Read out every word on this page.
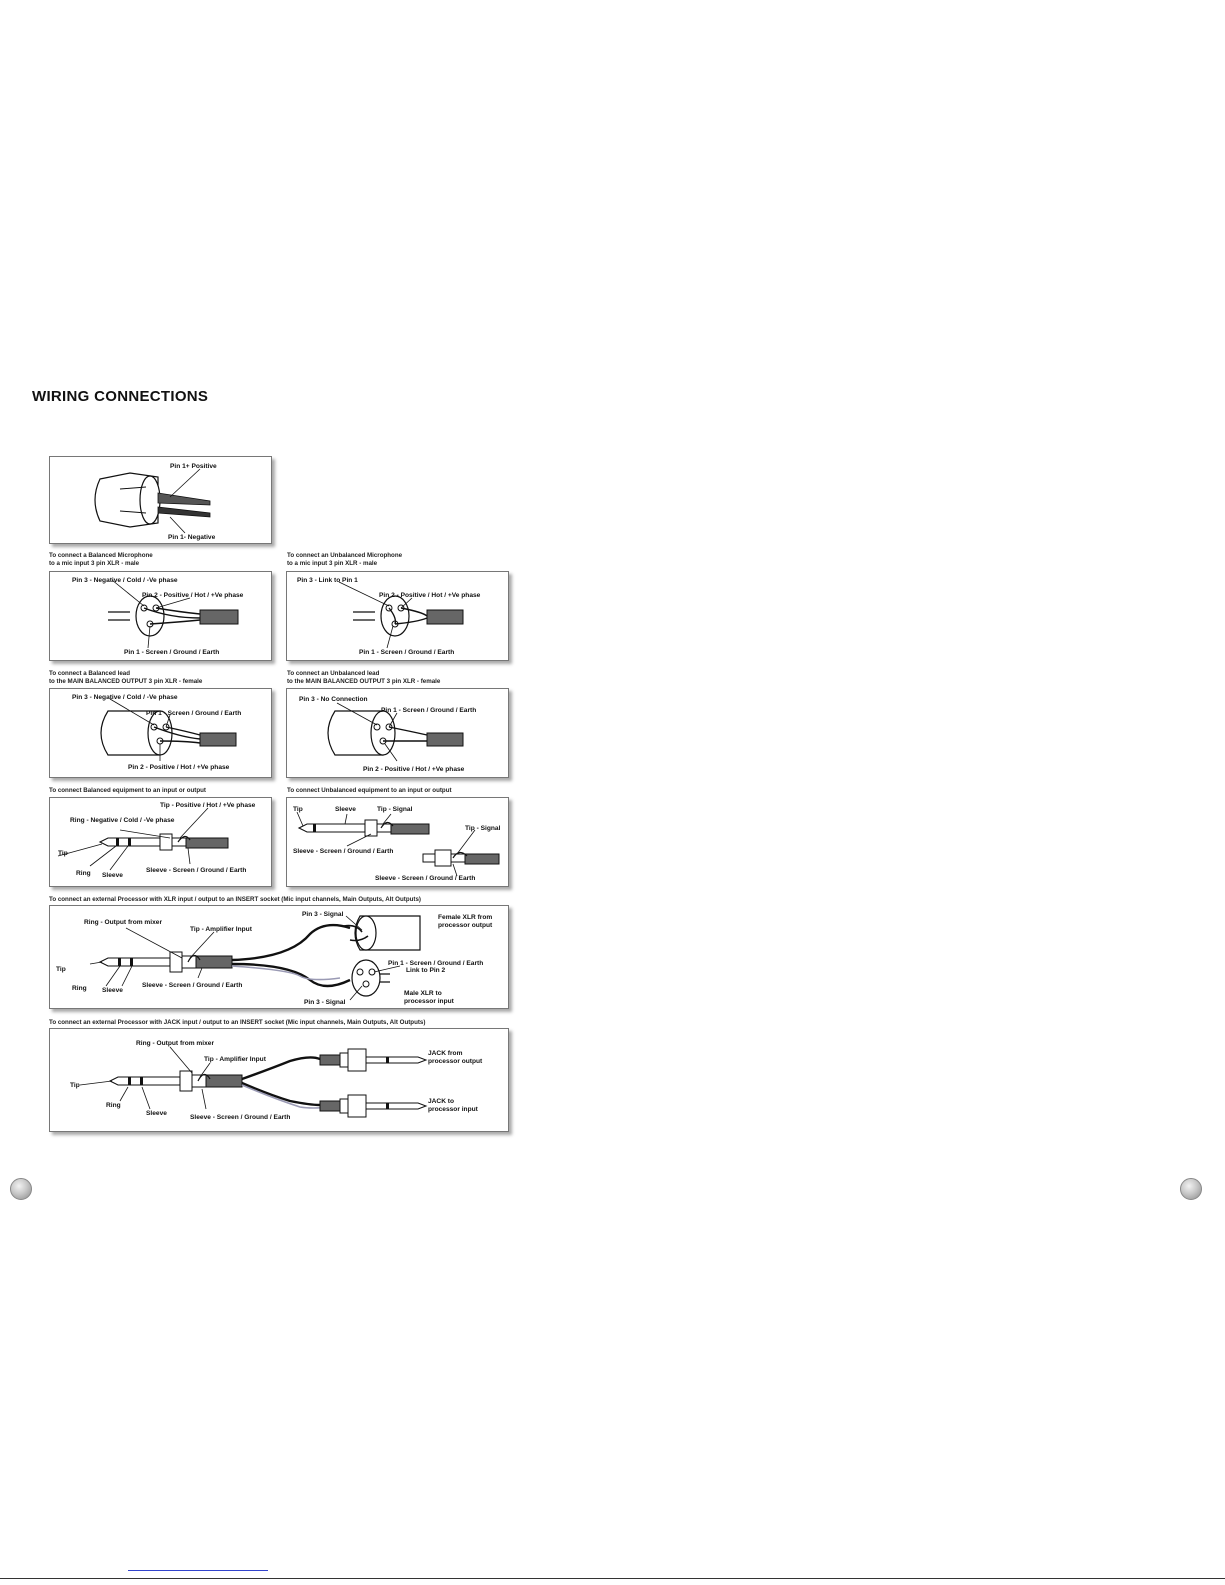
WIRING CONNECTIONS
Pin 1+ Positive
Pin 1- Negative
To connect a Balanced Microphone
to a mic input 3 pin XLR - male
To connect an Unbalanced Microphone
to a mic input 3 pin XLR - male
Pin 3 - Negative / Cold / -Ve phase
Pin 2 - Positive / Hot / +Ve phase
Pin 1 - Screen / Ground / Earth
Pin 3 - Link to Pin 1
Pin 2 - Positive / Hot / +Ve phase
Pin 1 - Screen / Ground / Earth
To connect a Balanced lead
to the MAIN BALANCED OUTPUT 3 pin XLR - female
To connect an Unbalanced lead
to the MAIN BALANCED OUTPUT 3 pin XLR - female
Pin 3 - Negative / Cold / -Ve phase
Pin 1 - Screen / Ground / Earth
Pin 2 - Positive / Hot / +Ve phase
Pin 3 - No Connection
Pin 1 - Screen / Ground / Earth
Pin 2 - Positive / Hot / +Ve phase
To connect Balanced equipment to an input or output	To connect Unbalanced equipment to an input or output
Tip - Positive / Hot / +Ve phase
Ring - Negative / Cold / -Ve phase
Tip
Ring Sleeve
Sleeve - Screen / Ground / Earth
Tip	Sleeve	Tip - Signal
Sleeve - Screen / Ground / Earth
Tip - Signal
Sleeve - Screen / Ground / Earth
To connect an external Processor with XLR input / output to an INSERT socket (Mic input channels, Main Outputs, Alt Outputs)
Ring - Output from mixer
Tip - Amplifier Input
Tip
Ring Sleeve
Sleeve - Screen / Ground / Earth
Pin 3 - Signal	Female XLR from
processor output
Pin 1 - Screen / Ground / Earth
Link to Pin 2
Male XLR to
processor input
Pin 3 - Signal
To connect an external Processor with JACK input / output to an INSERT socket (Mic input channels, Main Outputs, Alt Outputs)
Ring - Output from mixer
Tip - Amplifier Input
Tip
Ring
Sleeve
Sleeve - Screen / Ground / Earth
JACK from
processor output
JACK to
processor input
